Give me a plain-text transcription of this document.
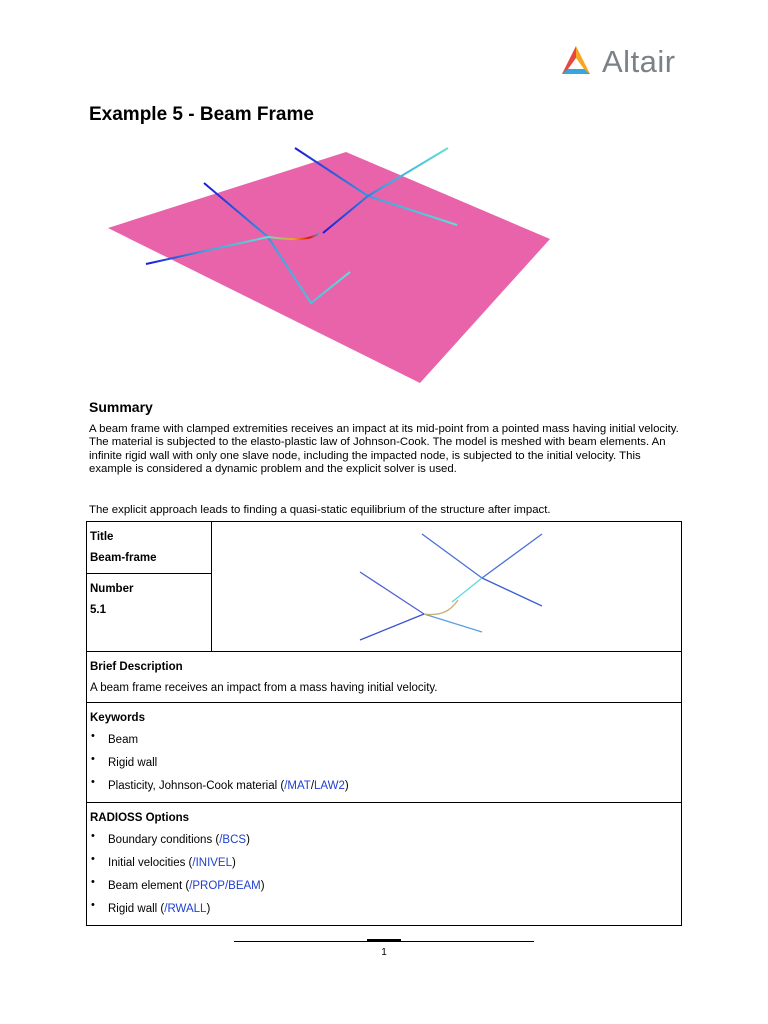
Altair
Example 5 - Beam Frame
Summary
A beam frame with clamped extremities receives an impact at its mid-point from a pointed mass having initial velocity. The material is subjected to the elasto-plastic law of Johnson-Cook. The model is meshed with beam elements. An infinite rigid wall with only one slave node, including the impacted node, is subjected to the initial velocity. This example is considered a dynamic problem and the explicit solver is used.
The explicit approach leads to finding a quasi-static equilibrium of the structure after impact.
Title
Beam-frame

Number
5.1

Brief Description
A beam frame receives an impact from a mass having initial velocity.

Keywords
• Beam
• Rigid wall
• Plasticity, Johnson-Cook material (/MAT/LAW2)

RADIOSS Options
• Boundary conditions (/BCS)
• Initial velocities (/INIVEL)
• Beam element (/PROP/BEAM)
• Rigid wall (/RWALL)
1
